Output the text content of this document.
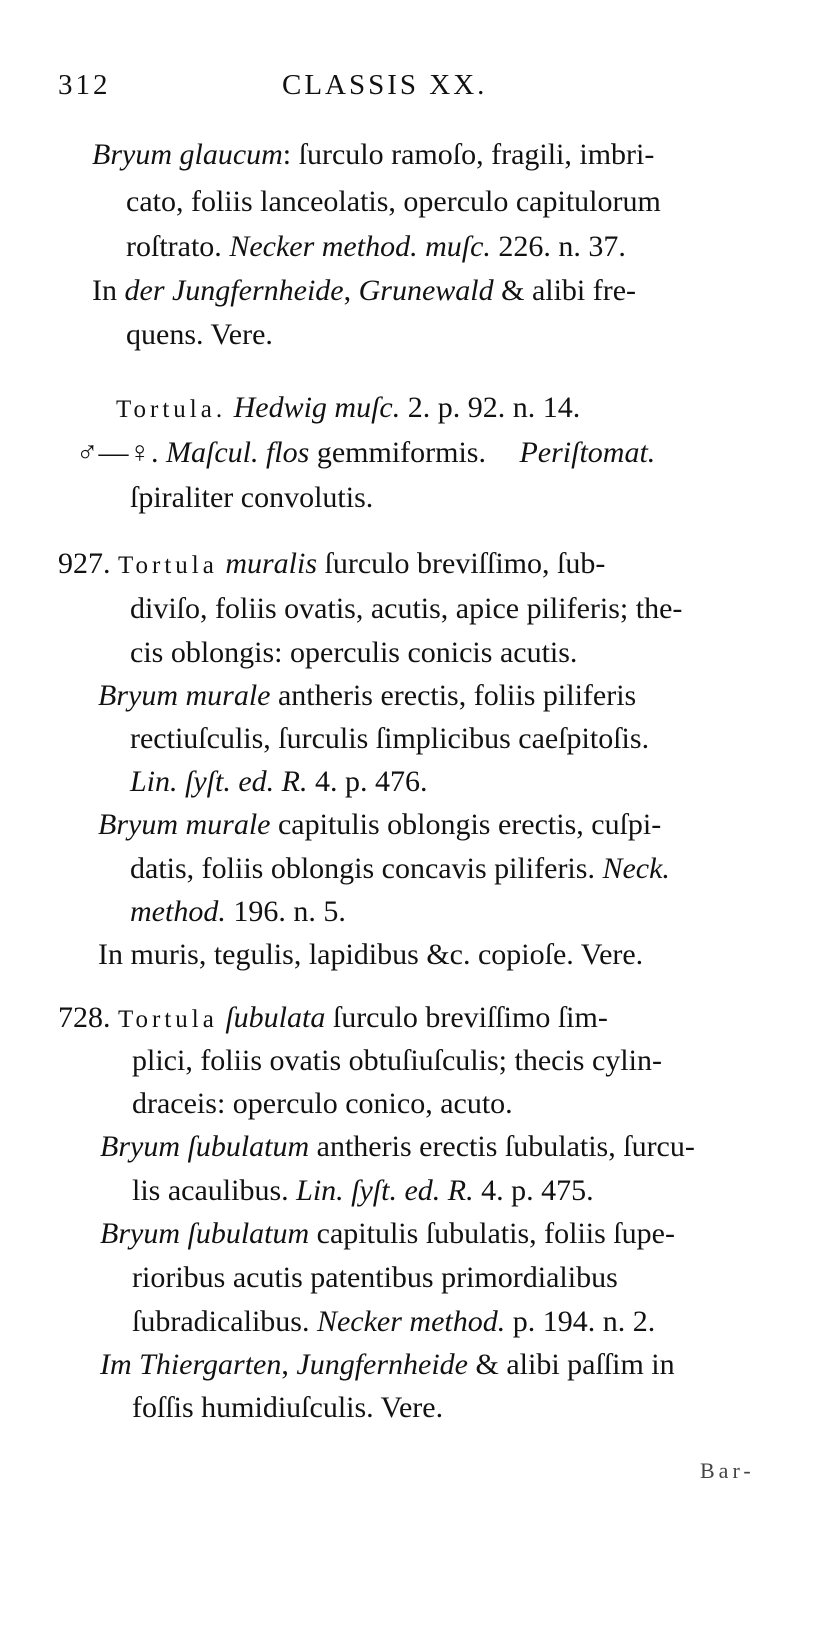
312	CLASSIS XX.
Bryum glaucum: ſurculo ramoſo, fragili, imbri-
cato, foliis lanceolatis, operculo capitulorum
roſtrato. Necker method. muſc. 226. n. 37.
In der Jungfernheide, Grunewald & alibi fre-
quens. Vere.
Tortula. Hedwig muſc. 2. p. 92. n. 14.
♂—♀. Maſcul. flos gemmiformis. Periſtomat.
ſpiraliter convolutis.
927. Tortula muralis ſurculo breviſſimo, ſub-
diviſo, foliis ovatis, acutis, apice piliferis; the-
cis oblongis: operculis conicis acutis.
Bryum murale antheris erectis, foliis piliferis
rectiuſculis, ſurculis ſimplicibus caeſpitoſis.
Lin. ſyſt. ed. R. 4. p. 476.
Bryum murale capitulis oblongis erectis, cuſpi-
datis, foliis oblongis concavis piliferis. Neck.
method. 196. n. 5.
In muris, tegulis, lapidibus &c. copioſe. Vere.
728. Tortula ſubulata ſurculo breviſſimo ſim-
plici, foliis ovatis obtuſiuſculis; thecis cylin-
draceis: operculo conico, acuto.
Bryum ſubulatum antheris erectis ſubulatis, ſurcu-
lis acaulibus. Lin. ſyſt. ed. R. 4. p. 475.
Bryum ſubulatum capitulis ſubulatis, foliis ſupe-
rioribus acutis patentibus primordialibus
ſubradicalibus. Necker method. p. 194. n. 2.
Im Thiergarten, Jungfernheide & alibi paſſim in
foſſis humidiuſculis. Vere.
Bar-
